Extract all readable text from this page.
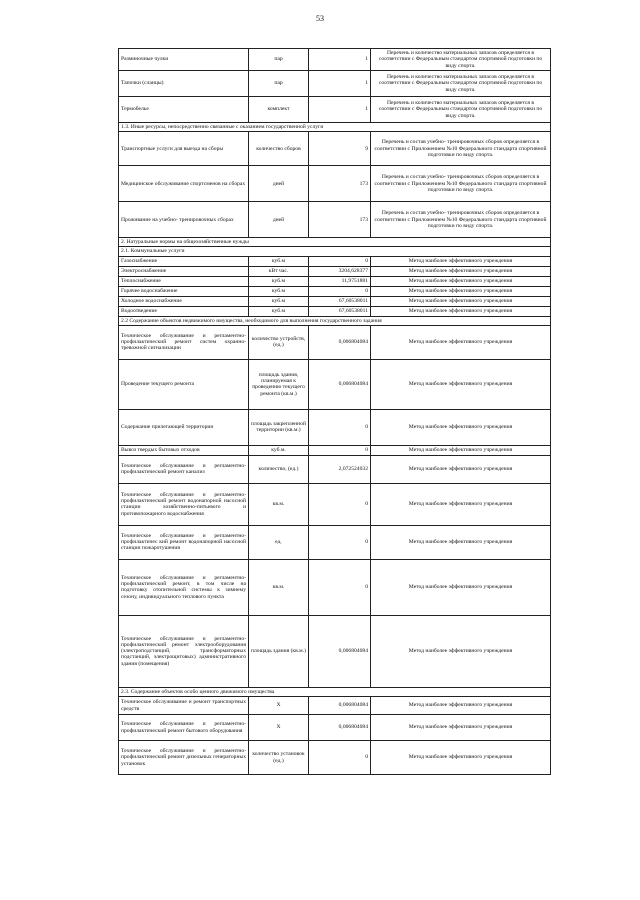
53
Разминочные чулки	пар	1	Перечень и количество материальных запасов определяется в соответствии с Федеральным стандартом спортивной подготовки по виду спорта.
Тапочки (сланцы)	пар	1	Перечень и количество материальных запасов определяется в соответствии с Федеральным стандартом спортивной подготовки по виду спорта.
Термобелье	комплект	1	Перечень и количество материальных запасов определяется в соответствии с Федеральным стандартом спортивной подготовки по виду спорта.
1.3. Иные ресурсы, непосредственно связанные с оказанием государственной услуги			
Транспортные услуги для выезда на сборы	количество сборов	9	Перечень и состав учебно- тренировочных сборов определяется в соответствии с Приложением №10 Федерального стандарта спортивной подготовки по виду спорта.
Медицинское обслуживание спортсменов на сборах	дней	173	Перечень и состав учебно- тренировочных сборов определяется в соответствии с Приложением №10 Федерального стандарта спортивной подготовки по виду спорта.
Проживание на учебно- тренировочных сборах	дней	173	Перечень и состав учебно- тренировочных сборов определяется в соответствии с Приложением №10 Федерального стандарта спортивной подготовки по виду спорта.
2. Натуральные нормы на общехозяйственные нужды			
2.1. Коммунальные услуги			
Газоснабжение	куб.м	0	Метод наиболее эффективного учреждения
Электроснабжение	кВт час.	3204,628377	Метод наиболее эффективного учреждения
Теплоснабжение	куб.м	11,9751881	Метод наиболее эффективного учреждения
Горячее водоснабжение	куб.м	0	Метод наиболее эффективного учреждения
Холодное водоснабжение	куб.м	67,60538011	Метод наиболее эффективного учреждения
Водоотведение	куб.м	67,60538011	Метод наиболее эффективного учреждения
2.2 Содержание объектов недвижимого имущества, необходимого для выполнения государственного задания			
Техническое обслуживание и регламентно- профилактический ремонт систем охранно- тревожной сигнализации	количество устройств, (ед.)	0,006804084	Метод наиболее эффективного учреждения
Проведение текущего ремонта	площадь здания, планируемая к проведению текущего ремонта (кв.м.)	0,006804084	Метод наиболее эффективного учреждения
Содержание прилегающей территории	площадь закрепленной территории (кв.м.)	0	Метод наиболее эффективного учреждения
Вывоз твердых бытовых отходов	куб.м.	0	Метод наиболее эффективного учреждения
Техническое обслуживание и регламентно- профилактический ремонт канализ	количество, (ед.)	2,072524032	Метод наиболее эффективного учреждения
Техническое обслуживание и регламентно- профилактический ремонт водонапорной насосной станции хозяйственно-питьевого и противопожарного водоснабжения	кв.м.	0	Метод наиболее эффективного учреждения
Техническое обслуживание и регламентно- профилактичес кий ремонт водонапорной насосной станции пожаротушения	ед.	0	Метод наиболее эффективного учреждения
Техническое обслуживание и регламентно- профилактический ремонт, в том числе на подготовку отопительной системы к зимнему сезону, индивидуального теплового пункта	кв.м.	0	Метод наиболее эффективного учреждения
Техническое обслуживание и регламентно- профилактический ремонт электрооборудования (электроподстанций, трансформаторных подстанций, электрощитовых) административного здания (помещения)	площадь здания (кв.м.)	0,006804084	Метод наиболее эффективного учреждения
2.3. Содержание объектов особо ценного движимого имущества			
Техническое обслуживание и ремонт транспортных средств	Х	0,006804084	Метод наиболее эффективного учреждения
Техническое обслуживание и регламентно- профилактический ремонт бытового оборудования	Х	0,006804084	Метод наиболее эффективного учреждения
Техническое обслуживание и регламентно- профилактический ремонт дизельных генераторных установок	количество установок (ед.)	0	Метод наиболее эффективного учреждения
